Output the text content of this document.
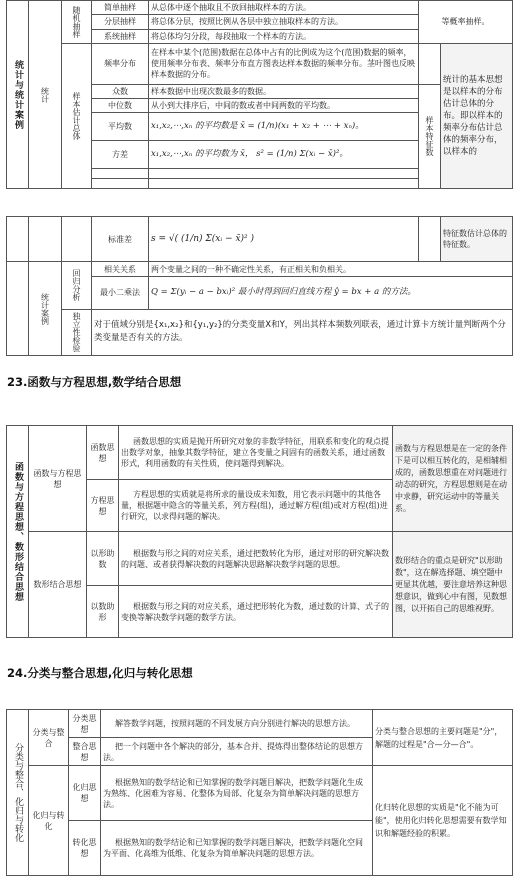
统计与统计案例	统计	随机抽样	简单抽样	从总体中逐个抽取且不放回抽取样本的方法。	等概率抽样。	
			分层抽样	将总体分层，按照比例从各层中独立抽取样本的方法。		
			系统抽样	将总体均匀分段，每段抽取一个样本的方法。		
		样本估计总体	频率分布	在样本中某个(范围)数据在总体中占有的比例成为这个(范围)数据的频率，使用频率分布表、频率分布直方图表达样本数据的频率分布。茎叶图也反映样本数据的分布。		统计的基本思想是以样本的分布估计总体的分布。即以样本的频率分布估计总体的频率分布，以样本的
			众数	样本数据中出现次数最多的数据。	样本特征数	
			中位数	从小到大排序后，中间的数或者中间两数的平均数。		
			平均数	x₁,x₂,⋯,xₙ 的平均数是 x̄ = (1/n)(x₁ + x₂ + ⋯ + xₙ)。		
			方差	x₁,x₂,⋯,xₙ 的平均数为 x̄， s² = (1/n) Σ(xᵢ − x̄)²。		

			标准差	s = √( (1/n) Σ(xᵢ − x̄)² )		特征数估计总体的特征数。
	统计案例	回归分析	相关关系	两个变量之间的一种不确定性关系，有正相关和负相关。		
			最小二乘法	Q = Σ(yᵢ − a − bxᵢ)² 最小时得到回归直线方程 ŷ = bx + a 的方法。		
		独立性检验	对于值域分别是{x₁,x₂}和{y₁,y₂}的分类变量X和Y，列出其样本频数列联表，通过计算卡方统计量判断两个分类变量是否有关的方法。			
23.函数与方程思想,数学结合思想
函数与方程思想、数形结合思想	函数与方程思想	函数思想	函数思想的实质是抛开所研究对象的非数学特征，用联系和变化的观点提出数学对象，抽象其数学特征，建立各变量之间固有的函数关系，通过函数形式，利用函数的有关性质，使问题得到解决。	函数与方程思想是在一定的条件下是可以相互转化的，是相辅相成的，函数思想重在对问题进行动态的研究，方程思想则是在动中求静，研究运动中的等量关系。
		方程思想	方程思想的实质就是将所求的量设成未知数，用它表示问题中的其他各量，根据题中隐含的等量关系，列方程(组)，通过解方程(组)或对方程(组)进行研究，以求得问题的解决。	
	数形结合思想	以形助数	根据数与形之间的对应关系，通过把数转化为形，通过对形的研究解决数的问题、或者获得解决数的问题解决思路解决数学问题的思想。	数形结合的重点是研究"以形助数"，这在解选择题、填空题中更显其优越，要注意培养这种思想意识，做到心中有图，见数想图，以开拓自己的思维视野。
		以数助形	根据数与形之间的对应关系，通过把形转化为数，通过数的计算、式子的变换等解决数学问题的数学方法。	
24.分类与整合思想,化归与转化思想
分类与整合、化归与转化	分类与整合	分类思想	解答数学问题，按照问题的不同发展方向分别进行解决的思想方法。	分类与整合思想的主要问题是"分"，解题的过程是"合—分—合"。
		整合思想	把一个问题中各个解决的部分，基本合并、提炼得出整体结论的思想方法。	
	化归与转化	化归思想	根据熟知的数学结论和已知掌握的数学问题目解决，把数学问题化生成为熟练、化困难为容易、化整体为局部、化复杂为简单解决问题的思想方法。	化归转化思想的实质是"化不能为可能"，使用化归转化思想需要有数学知识和解题经验的积累。
		转化思想	根据熟知的数学结论和已知掌握的数学问题目解决，把数学问题化空间为平面、化高维为低维、化复杂为简单解决问题的思想方法。	
